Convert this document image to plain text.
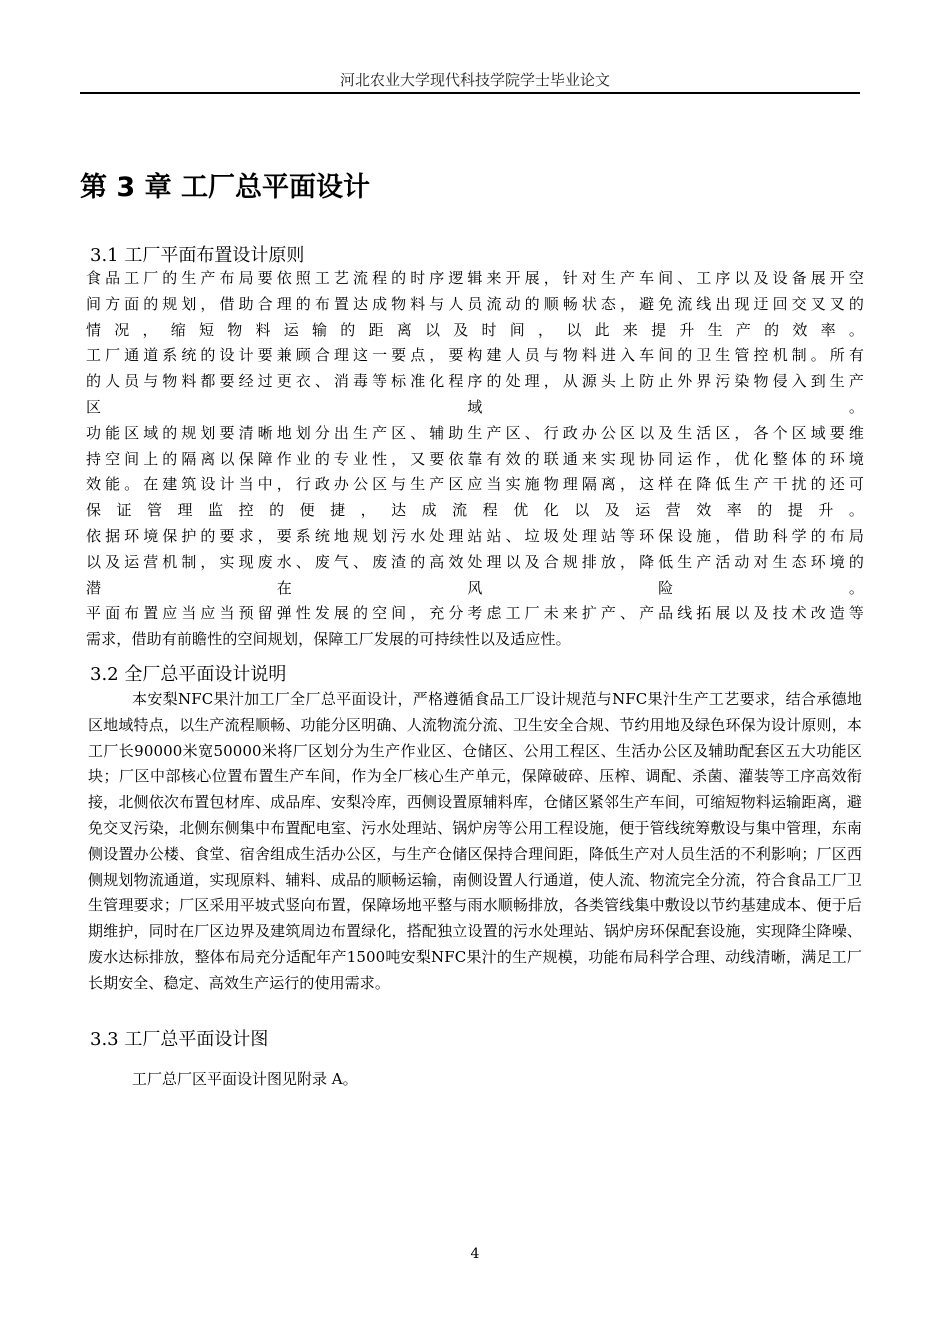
河北农业大学现代科技学院学士毕业论文
第 3 章 工厂总平面设计
3.1 工厂平面布置设计原则

食品工厂的生产布局要依照工艺流程的时序逻辑来开展，针对生产车间、工序以及设备展开空

间方面的规划，借助合理的布置达成物料与人员流动的顺畅状态，避免流线出现迂回交叉叉的

情况，缩短物料运输的距离以及时间，以此来提升生产的效率。

工厂通道系统的设计要兼顾合理这一要点，要构建人员与物料进入车间的卫生管控机制。所有

的人员与物料都要经过更衣、消毒等标准化程序的处理，从源头上防止外界污染物侵入到生产

区域。

功能区域的规划要清晰地划分出生产区、辅助生产区、行政办公区以及生活区，各个区域要维

持空间上的隔离以保障作业的专业性，又要依靠有效的联通来实现协同运作，优化整体的环境

效能。在建筑设计当中，行政办公区与生产区应当实施物理隔离，这样在降低生产干扰的还可

保证管理监控的便捷，达成流程优化以及运营效率的提升。

依据环境保护的要求，要系统地规划污水处理站站、垃圾处理站等环保设施，借助科学的布局

以及运营机制，实现废水、废气、废渣的高效处理以及合规排放，降低生产活动对生态环境的

潜在风险。

平面布置应当应当预留弹性发展的空间，充分考虑工厂未来扩产、产品线拓展以及技术改造等

需求，借助有前瞻性的空间规划，保障工厂发展的可持续性以及适应性。

3.2 全厂总平面设计说明

本安梨NFC果汁加工厂全厂总平面设计，严格遵循食品工厂设计规范与NFC果汁生产工艺要求，结合承德地区地域特点，以生产流程顺畅、功能分区明确、人流物流分流、卫生安全合规、节约用地及绿色环保为设计原则，本工厂长90000米宽50000米将厂区划分为生产作业区、仓储区、公用工程区、生活办公区及辅助配套区五大功能区块；厂区中部核心位置布置生产车间，作为全厂核心生产单元，保障破碎、压榨、调配、杀菌、灌装等工序高效衔接，北侧依次布置包材库、成品库、安梨冷库，西侧设置原辅料库，仓储区紧邻生产车间，可缩短物料运输距离，避免交叉污染，北侧东侧集中布置配电室、污水处理站、锅炉房等公用工程设施，便于管线统筹敷设与集中管理，东南侧设置办公楼、食堂、宿舍组成生活办公区，与生产仓储区保持合理间距，降低生产对人员生活的不利影响；厂区西侧规划物流通道，实现原料、辅料、成品的顺畅运输，南侧设置人行通道，使人流、物流完全分流，符合食品工厂卫生管理要求；厂区采用平坡式竖向布置，保障场地平整与雨水顺畅排放，各类管线集中敷设以节约基建成本、便于后期维护，同时在厂区边界及建筑周边布置绿化，搭配独立设置的污水处理站、锅炉房环保配套设施，实现降尘降噪、废水达标排放，整体布局充分适配年产1500吨安梨NFC果汁的生产规模，功能布局科学合理、动线清晰，满足工厂长期安全、稳定、高效生产运行的使用需求。

3.3 工厂总平面设计图
工厂总厂区平面设计图见附录 A。
4
